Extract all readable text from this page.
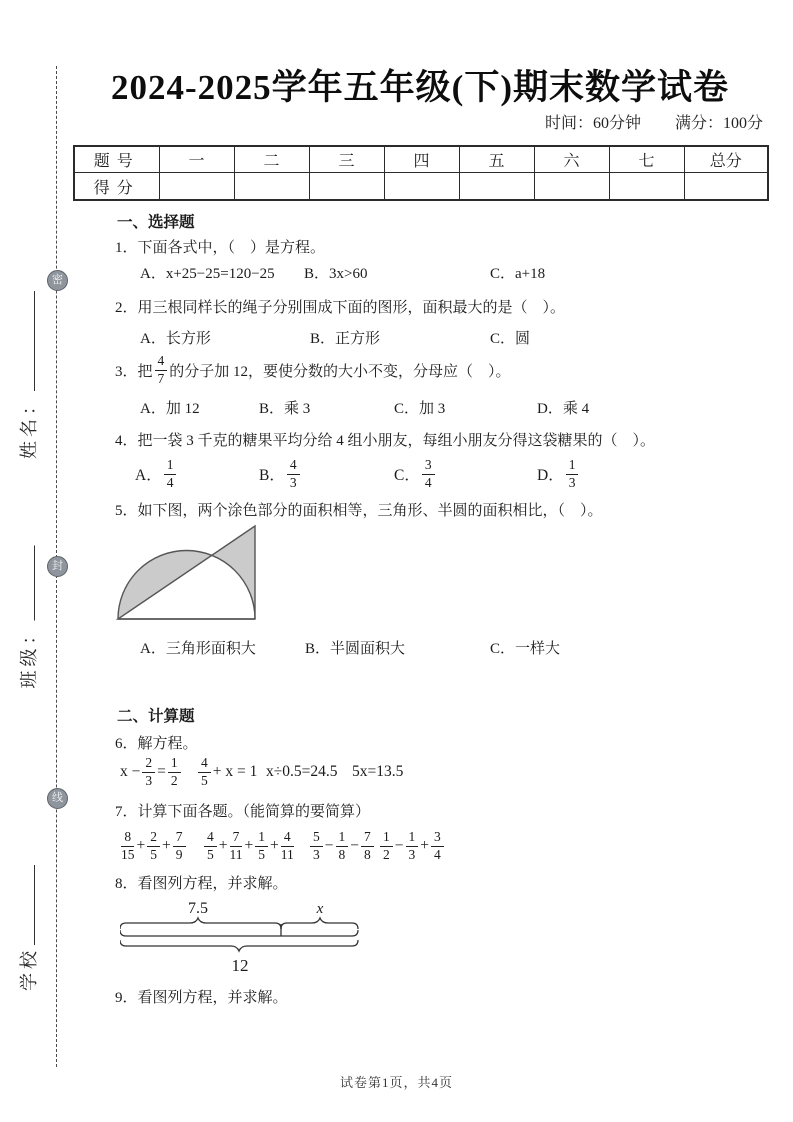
密
封
线
姓名：
班级：
学校
2024-2025学年五年级(下)期末数学试卷
时间：60分钟 满分：100分
题号	一	二	三	四	五	六	七	总分
得分								
一、选择题
1．下面各式中，（　）是方程。
A．x+25−25=120−25 B．3x>60	C．a+18
2．用三根同样长的绳子分别围成下面的图形，面积最大的是（　）。
A．长方形	B．正方形	C．圆
3．把 $\frac{4}{7}$ 的分子加 12，要使分数的大小不变，分母应（　）。
A．加 12	B．乘 3	C．加 3	D．乘 4
4．把一袋 3 千克的糖果平均分给 4 组小朋友，每组小朋友分得这袋糖果的（　）。
A． $\frac{1}{4}$	B． $\frac{4}{3}$	C． $\frac{3}{4}$	D． $\frac{1}{3}$
5．如下图，两个涂色部分的面积相等，三角形、半圆的面积相比，（　）。
A．三角形面积大	B．半圆面积大	C．一样大
二、计算题
6．解方程。
$x - \frac{2}{3} = \frac{1}{2} \frac{4}{5} + x = 1$ x÷0.5=24.5 5x=13.5
7．计算下面各题。（能简算的要简算）
$\frac{8}{15} + \frac{2}{5} + \frac{7}{9} \frac{4}{5} + \frac{7}{11} + \frac{1}{5} + \frac{4}{11} \frac{5}{3} - \frac{1}{8} - \frac{7}{8} \frac{1}{2} - \frac{1}{3} + \frac{3}{4}$
8．看图列方程，并求解。
7.5	x
12
9．看图列方程，并求解。
试卷第1页，共4页
